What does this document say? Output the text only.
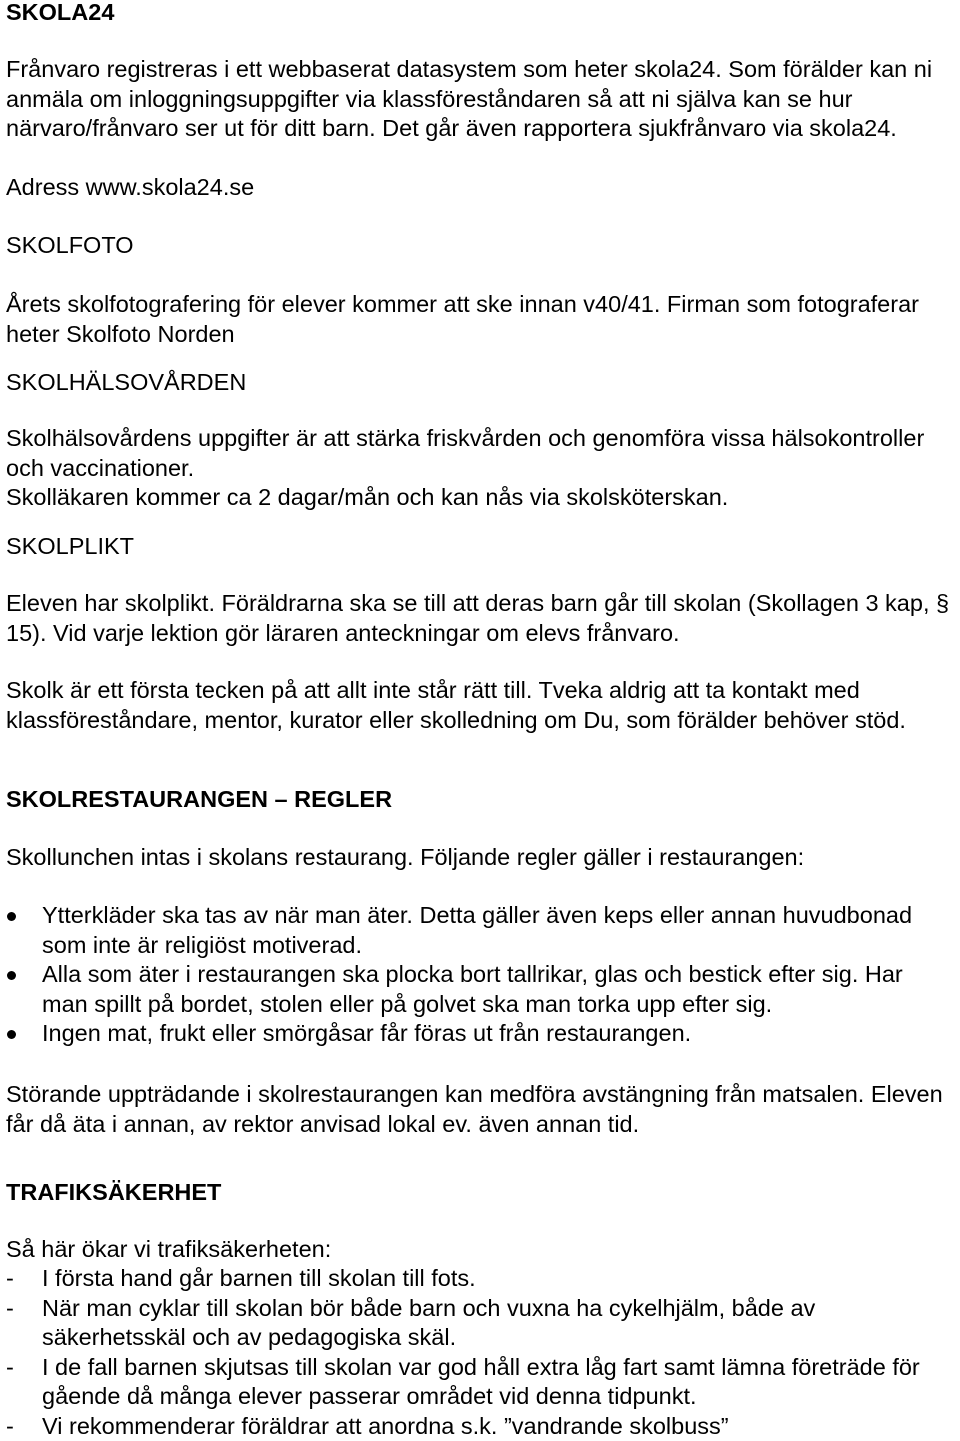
SKOLA24

Frånvaro registreras i ett webbaserat datasystem som heter skola24. Som förälder kan ni anmäla om inloggningsuppgifter via klassföreståndaren så att ni själva kan se hur närvaro/frånvaro ser ut för ditt barn. Det går även rapportera sjukfrånvaro via skola24.

Adress www.skola24.se

SKOLFOTO

Årets skolfotografering för elever kommer att ske innan v40/41. Firman som fotograferar heter Skolfoto Norden

SKOLHÄLSOVÅRDEN

Skolhälsovårdens uppgifter är att stärka friskvården och genomföra vissa hälsokontroller och vaccinationer.

Skolläkaren kommer ca 2 dagar/mån och kan nås via skolsköterskan.

SKOLPLIKT

Eleven har skolplikt. Föräldrarna ska se till att deras barn går till skolan (Skollagen 3 kap, § 15). Vid varje lektion gör läraren anteckningar om elevs frånvaro.

Skolk är ett första tecken på att allt inte står rätt till. Tveka aldrig att ta kontakt med klassföreståndare, mentor, kurator eller skolledning om Du, som förälder behöver stöd.

SKOLRESTAURANGEN – REGLER

Skollunchen intas i skolans restaurang. Följande regler gäller i restaurangen:

Ytterkläder ska tas av när man äter. Detta gäller även keps eller annan huvudbonad som inte är religiöst motiverad.
Alla som äter i restaurangen ska plocka bort tallrikar, glas och bestick efter sig. Har man spillt på bordet, stolen eller på golvet ska man torka upp efter sig.
Ingen mat, frukt eller smörgåsar får föras ut från restaurangen.

Störande uppträdande i skolrestaurangen kan medföra avstängning från matsalen. Eleven får då äta i annan, av rektor anvisad lokal ev. även annan tid.

TRAFIKSÄKERHET

Så här ökar vi trafiksäkerheten:

- I första hand går barnen till skolan till fots.
- När man cyklar till skolan bör både barn och vuxna ha cykelhjälm, både av säkerhetsskäl och av pedagogiska skäl.
- I de fall barnen skjutsas till skolan var god håll extra låg fart samt lämna företräde för gående då många elever passerar området vid denna tidpunkt.
- Vi rekommenderar föräldrar att anordna s.k. ”vandrande skolbuss”
